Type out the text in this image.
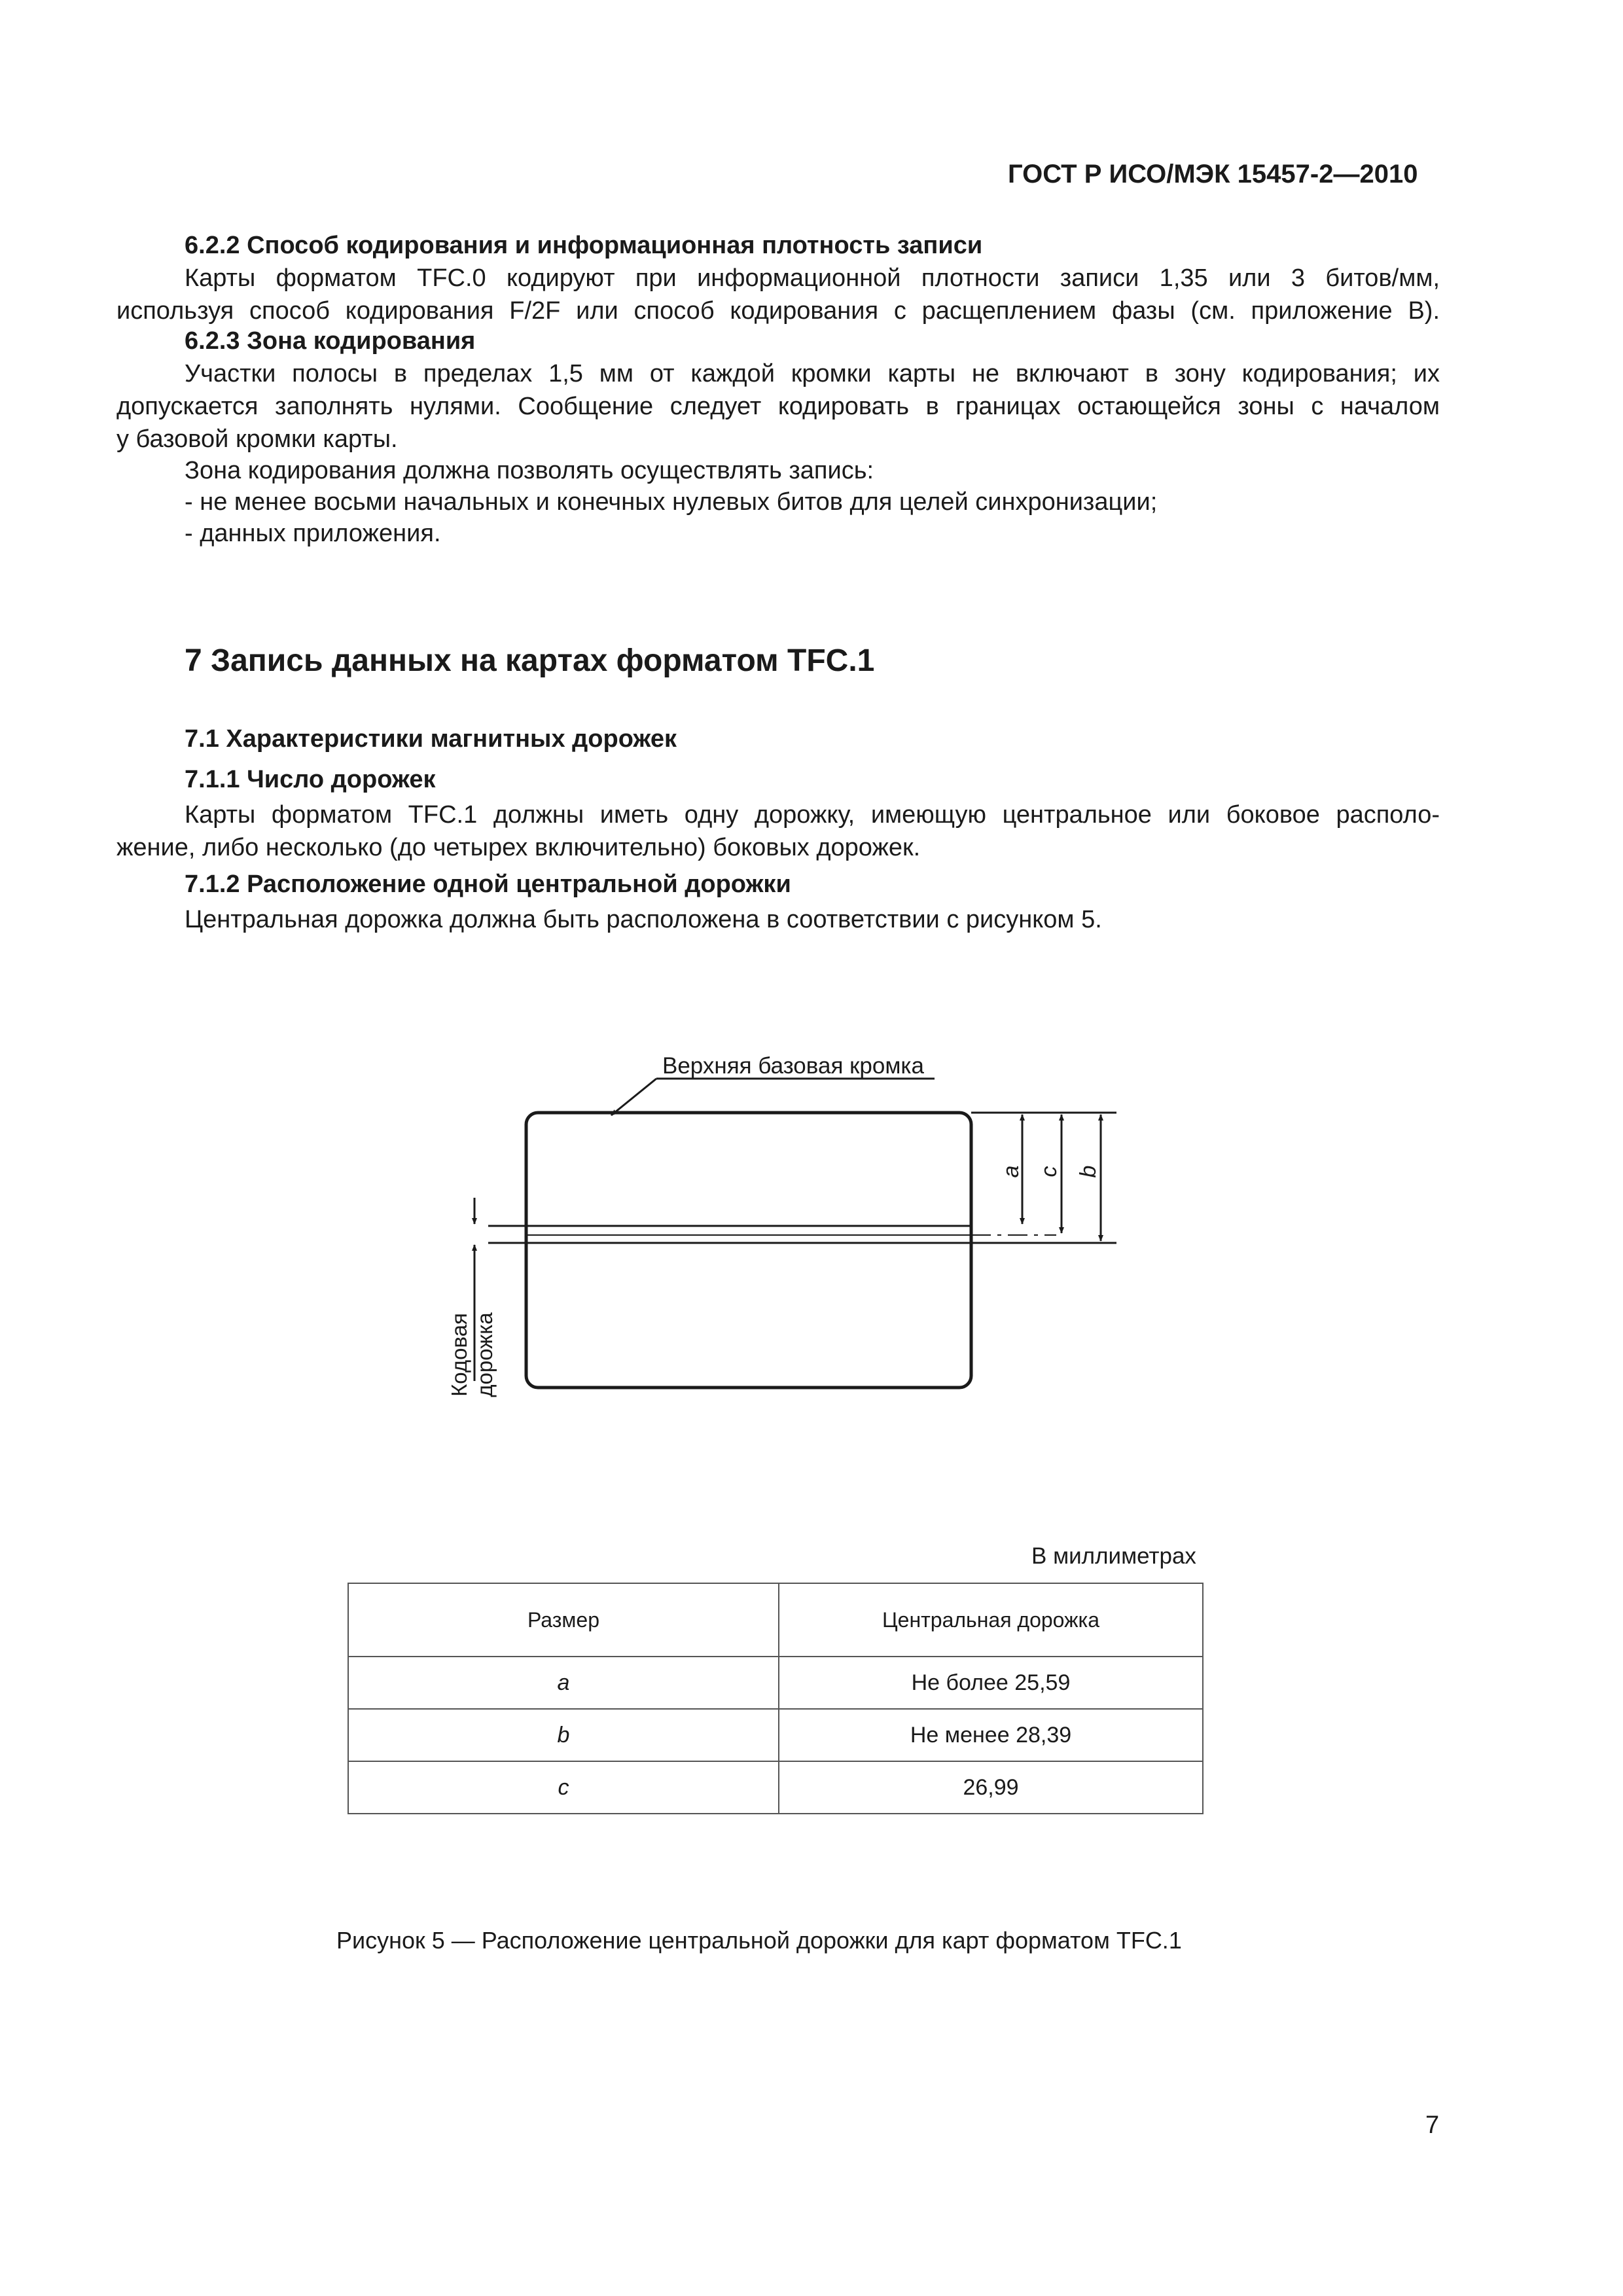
ГОСТ Р ИСО/МЭК 15457-2—2010
6.2.2 Способ кодирования и информационная плотность записи
Карты форматом TFC.0 кодируют при информационной плотности записи 1,35 или 3 битов/мм,
используя способ кодирования F/2F или способ кодирования с расщеплением фазы (см. приложение B).
6.2.3 Зона кодирования
Участки полосы в пределах 1,5 мм от каждой кромки карты не включают в зону кодирования; их
допускается заполнять нулями. Сообщение следует кодировать в границах остающейся зоны с началом
у базовой кромки карты.
Зона кодирования должна позволять осуществлять запись:
- не менее восьми начальных и конечных нулевых битов для целей синхронизации;
- данных приложения.
7 Запись данных на картах форматом TFC.1
7.1 Характеристики магнитных дорожек
7.1.1 Число дорожек
Карты форматом TFC.1 должны иметь одну дорожку, имеющую центральное или боковое располо-
жение, либо несколько (до четырех включительно) боковых дорожек.
7.1.2 Расположение одной центральной дорожки
Центральная дорожка должна быть расположена в соответствии с рисунком 5.
Верхняя базовая кромка
Кодовая дорожка
a c b
В миллиметрах
Размер	Центральная дорожка
a	Не более 25,59
b	Не менее 28,39
c	26,99
Рисунок 5 — Расположение центральной дорожки для карт форматом TFC.1
7
